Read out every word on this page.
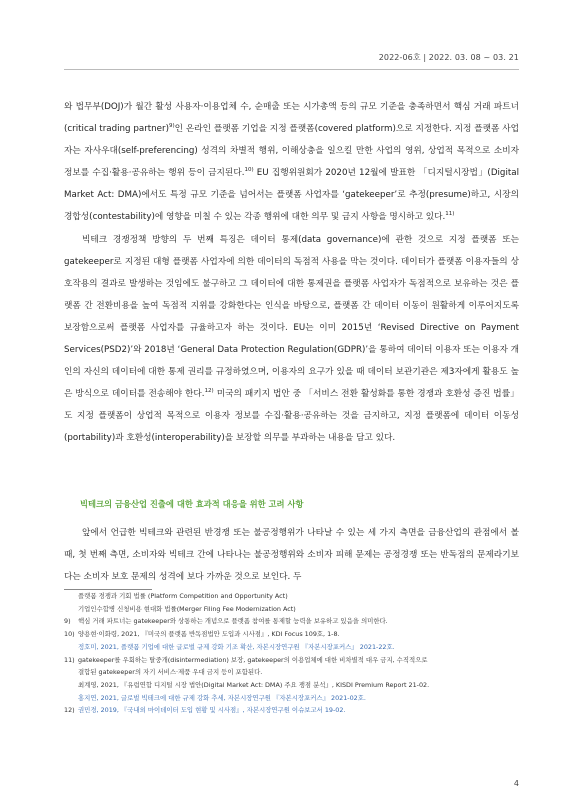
2022-06호 | 2022. 03. 08 ~ 03. 21

와 법무부(DOJ)가 월간 활성 사용자·이용업체 수, 순매출 또는 시가총액 등의 규모 기준을 충족하면서 핵심 거래 파트너(critical trading partner)$^{9)}$인 온라인 플랫폼 기업을 지정 플랫폼(covered platform)으로 지정한다. 지정 플랫폼 사업자는 자사우대(self-preferencing) 성격의 차별적 행위, 이해상충을 일으킬 만한 사업의 영위, 상업적 목적으로 소비자 정보를 수집·활용·공유하는 행위 등이 금지된다.$^{10)}$ EU 집행위원회가 2020년 12월에 발표한 「디지털시장법」(Digital Market Act: DMA)에서도 특정 규모 기준을 넘어서는 플랫폼 사업자를 ‘gatekeeper’로 추정(presume)하고, 시장의 경합성(contestability)에 영향을 미칠 수 있는 각종 행위에 대한 의무 및 금지 사항을 명시하고 있다.$^{11)}$

빅테크 경쟁정책 방향의 두 번째 특징은 데이터 통제(data governance)에 관한 것으로 지정 플랫폼 또는 gatekeeper로 지정된 대형 플랫폼 사업자에 의한 데이터의 독점적 사용을 막는 것이다. 데이터가 플랫폼 이용자들의 상호작용의 결과로 발생하는 것임에도 불구하고 그 데이터에 대한 통제권을 플랫폼 사업자가 독점적으로 보유하는 것은 플랫폼 간 전환비용을 높여 독점적 지위를 강화한다는 인식을 바탕으로, 플랫폼 간 데이터 이동이 원활하게 이루어지도록 보장함으로써 플랫폼 사업자를 규율하고자 하는 것이다. EU는 이미 2015년 ‘Revised Directive on Payment Services(PSD2)’와 2018년 ‘General Data Protection Regulation(GDPR)’을 통하여 데이터 이용자 또는 이용자 개인의 자신의 데이터에 대한 통제 권리를 규정하였으며, 이용자의 요구가 있을 때 데이터 보관기관은 제3자에게 활용도 높은 방식으로 데이터를 전송해야 한다.$^{12)}$ 미국의 패키지 법안 중 「서비스 전환 활성화를 통한 경쟁과 호환성 증진 법률」도 지정 플랫폼이 상업적 목적으로 이용자 정보를 수집·활용·공유하는 것을 금지하고, 지정 플랫폼에 데이터 이동성(portability)과 호환성(interoperability)을 보장할 의무를 부과하는 내용을 담고 있다.

빅테크의 금융산업 진출에 대한 효과적 대응을 위한 고려 사항

앞에서 언급한 빅테크와 관련된 반경쟁 또는 불공정행위가 나타날 수 있는 세 가지 측면을 금융산업의 관점에서 볼 때, 첫 번째 측면, 소비자와 빅테크 간에 나타나는 불공정행위와 소비자 피해 문제는 공정경쟁 또는 반독점의 문제라기보다는 소비자 보호 문제의 성격에 보다 가까운 것으로 보인다. 두

플랫폼 경쟁과 기회 법률 (Platform Competition and Opportunity Act)
기업인수합병 신청비용 현대화 법률(Merger Filing Fee Modernization Act)
9) 핵심 거래 파트너는 gatekeeper와 상통하는 개념으로 플랫폼 참여를 통제할 능력을 보유하고 있음을 의미한다.
10) 양용현·이화령, 2021, 『미국의 플랫폼 반독점법안 도입과 시사점』, KDI Focus 109호, 1-8.
정호미, 2021, 플랫폼 기업에 대한 글로벌 규제 강화 기조 확산, 자본시장연구원 『자본시장포커스』 2021-22호.
11) gatekeeper를 우회하는 탈중개(disintermediation) 보장, gatekeeper의 이용업체에 대한 비차별적 대우 금지, 수직적으로
결합된 gatekeeper의 자기 서비스·제품 우대 금지 등이 포함된다.
최계영, 2021, 『유럽연합 디지털 시장 법안(Digital Market Act: DMA) 주요 쟁점 분석』, KISDI Premium Report 21-02.
홍지연, 2021, 글로벌 빅테크에 대한 규제 강화 추세, 자본시장연구원 『자본시장포커스』 2021-02호.
12) 권민경, 2019, 『국내외 마이데이터 도입 현황 및 시사점』, 자본시장연구원 이슈보고서 19-02.
4
